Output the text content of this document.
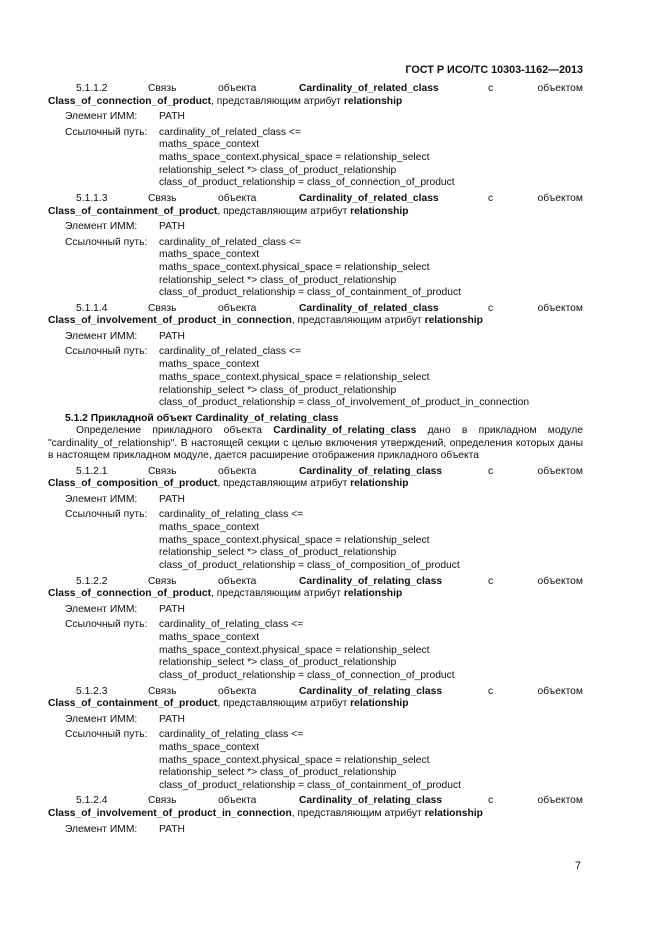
ГОСТ Р ИСО/ТС 10303-1162—2013
5.1.1.2	Связь	объекта	Cardinality_of_related_class	с	объектом
Class_of_connection_of_product, представляющим атрибут relationship
Элемент ИММ: PATH
Ссылочный путь: cardinality_of_related_class <=
maths_space_context
maths_space_context.physical_space = relationship_select
relationship_select *> class_of_product_relationship
class_of_product_relationship = class_of_connection_of_product
5.1.1.3	Связь	объекта	Cardinality_of_related_class	с	объектом
Class_of_containment_of_product, представляющим атрибут relationship
Элемент ИММ: PATH
Ссылочный путь: cardinality_of_related_class <=
maths_space_context
maths_space_context.physical_space = relationship_select
relationship_select *> class_of_product_relationship
class_of_product_relationship = class_of_containment_of_product
5.1.1.4	Связь	объекта	Cardinality_of_related_class	с	объектом
Class_of_involvement_of_product_in_connection, представляющим атрибут relationship
Элемент ИММ: PATH
Ссылочный путь: cardinality_of_related_class <=
maths_space_context
maths_space_context.physical_space = relationship_select
relationship_select *> class_of_product_relationship
class_of_product_relationship = class_of_involvement_of_product_in_connection
5.1.2 Прикладной объект Cardinality_of_relating_class
Определение прикладного объекта Cardinality_of_relating_class дано в прикладном модуле "cardinality_of_relationship". В настоящей секции с целью включения утверждений, определения которых даны в настоящем прикладном модуле, дается расширение отображения прикладного объекта
5.1.2.1	Связь	объекта	Cardinality_of_relating_class	с	объектом
Class_of_composition_of_product, представляющим атрибут relationship
Элемент ИММ: PATH
Ссылочный путь: cardinality_of_relating_class <=
maths_space_context
maths_space_context.physical_space = relationship_select
relationship_select *> class_of_product_relationship
class_of_product_relationship = class_of_composition_of_product
5.1.2.2	Связь	объекта	Cardinality_of_relating_class	с	объектом
Class_of_connection_of_product, представляющим атрибут relationship
Элемент ИММ: PATH
Ссылочный путь: cardinality_of_relating_class <=
maths_space_context
maths_space_context.physical_space = relationship_select
relationship_select *> class_of_product_relationship
class_of_product_relationship = class_of_connection_of_product
5.1.2.3	Связь	объекта	Cardinality_of_relating_class	с	объектом
Class_of_containment_of_product, представляющим атрибут relationship
Элемент ИММ: PATH
Ссылочный путь: cardinality_of_relating_class <=
maths_space_context
maths_space_context.physical_space = relationship_select
relationship_select *> class_of_product_relationship
class_of_product_relationship = class_of_containment_of_product
5.1.2.4	Связь	объекта	Cardinality_of_relating_class	с	объектом
Class_of_involvement_of_product_in_connection, представляющим атрибут relationship
Элемент ИММ: PATH
7
